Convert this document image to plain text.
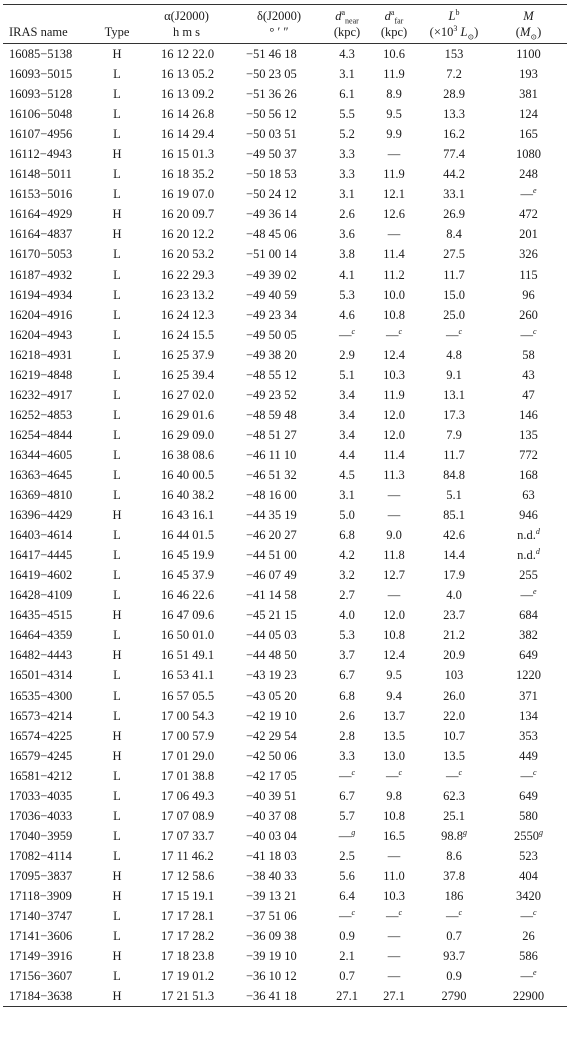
		α(J2000)	δ(J2000)	$d^a_{near}$	$d^a_{far}$	$L^b$	M
IRAS name	Type	h m s	° ′ ″	(kpc)	(kpc)	($\times 10^3$ $L_⊙$)	$(M_⊙)$
16085−5138	H	16 12 22.0	−51 46 18	4.3	10.6	153	1100
16093−5015	L	16 13 05.2	−50 23 05	3.1	11.9	7.2	193
16093−5128	L	16 13 09.2	−51 36 26	6.1	8.9	28.9	381
16106−5048	L	16 14 26.8	−50 56 12	5.5	9.5	13.3	124
16107−4956	L	16 14 29.4	−50 03 51	5.2	9.9	16.2	165
16112−4943	H	16 15 01.3	−49 50 37	3.3	—	77.4	1080
16148−5011	L	16 18 35.2	−50 18 53	3.3	11.9	44.2	248
16153−5016	L	16 19 07.0	−50 24 12	3.1	12.1	33.1	—$^e$
16164−4929	H	16 20 09.7	−49 36 14	2.6	12.6	26.9	472
16164−4837	H	16 20 12.2	−48 45 06	3.6	—	8.4	201
16170−5053	L	16 20 53.2	−51 00 14	3.8	11.4	27.5	326
16187−4932	L	16 22 29.3	−49 39 02	4.1	11.2	11.7	115
16194−4934	L	16 23 13.2	−49 40 59	5.3	10.0	15.0	96
16204−4916	L	16 24 12.3	−49 23 34	4.6	10.8	25.0	260
16204−4943	L	16 24 15.5	−49 50 05	—$^c$	—$^c$	—$^c$	—$^c$
16218−4931	L	16 25 37.9	−49 38 20	2.9	12.4	4.8	58
16219−4848	L	16 25 39.4	−48 55 12	5.1	10.3	9.1	43
16232−4917	L	16 27 02.0	−49 23 52	3.4	11.9	13.1	47
16252−4853	L	16 29 01.6	−48 59 48	3.4	12.0	17.3	146
16254−4844	L	16 29 09.0	−48 51 27	3.4	12.0	7.9	135
16344−4605	L	16 38 08.6	−46 11 10	4.4	11.4	11.7	772
16363−4645	L	16 40 00.5	−46 51 32	4.5	11.3	84.8	168
16369−4810	L	16 40 38.2	−48 16 00	3.1	—	5.1	63
16396−4429	H	16 43 16.1	−44 35 19	5.0	—	85.1	946
16403−4614	L	16 44 01.5	−46 20 27	6.8	9.0	42.6	n.d.$^d$
16417−4445	L	16 45 19.9	−44 51 00	4.2	11.8	14.4	n.d.$^d$
16419−4602	L	16 45 37.9	−46 07 49	3.2	12.7	17.9	255
16428−4109	L	16 46 22.6	−41 14 58	2.7	—	4.0	—$^e$
16435−4515	H	16 47 09.6	−45 21 15	4.0	12.0	23.7	684
16464−4359	L	16 50 01.0	−44 05 03	5.3	10.8	21.2	382
16482−4443	H	16 51 49.1	−44 48 50	3.7	12.4	20.9	649
16501−4314	L	16 53 41.1	−43 19 23	6.7	9.5	103	1220
16535−4300	L	16 57 05.5	−43 05 20	6.8	9.4	26.0	371
16573−4214	L	17 00 54.3	−42 19 10	2.6	13.7	22.0	134
16574−4225	H	17 00 57.9	−42 29 54	2.8	13.5	10.7	353
16579−4245	H	17 01 29.0	−42 50 06	3.3	13.0	13.5	449
16581−4212	L	17 01 38.8	−42 17 05	—$^c$	—$^c$	—$^c$	—$^c$
17033−4035	L	17 06 49.3	−40 39 51	6.7	9.8	62.3	649
17036−4033	L	17 07 08.9	−40 37 08	5.7	10.8	25.1	580
17040−3959	L	17 07 33.7	−40 03 04	—$^g$	16.5	98.8$^g$	2550$^g$
17082−4114	L	17 11 46.2	−41 18 03	2.5	—	8.6	523
17095−3837	H	17 12 58.6	−38 40 33	5.6	11.0	37.8	404
17118−3909	H	17 15 19.1	−39 13 21	6.4	10.3	186	3420
17140−3747	L	17 17 28.1	−37 51 06	—$^c$	—$^c$	—$^c$	—$^c$
17141−3606	L	17 17 28.2	−36 09 38	0.9	—	0.7	26
17149−3916	H	17 18 23.8	−39 19 10	2.1	—	93.7	586
17156−3607	L	17 19 01.2	−36 10 12	0.7	—	0.9	—$^e$
17184−3638	H	17 21 51.3	−36 41 18	27.1	27.1	2790	22900
